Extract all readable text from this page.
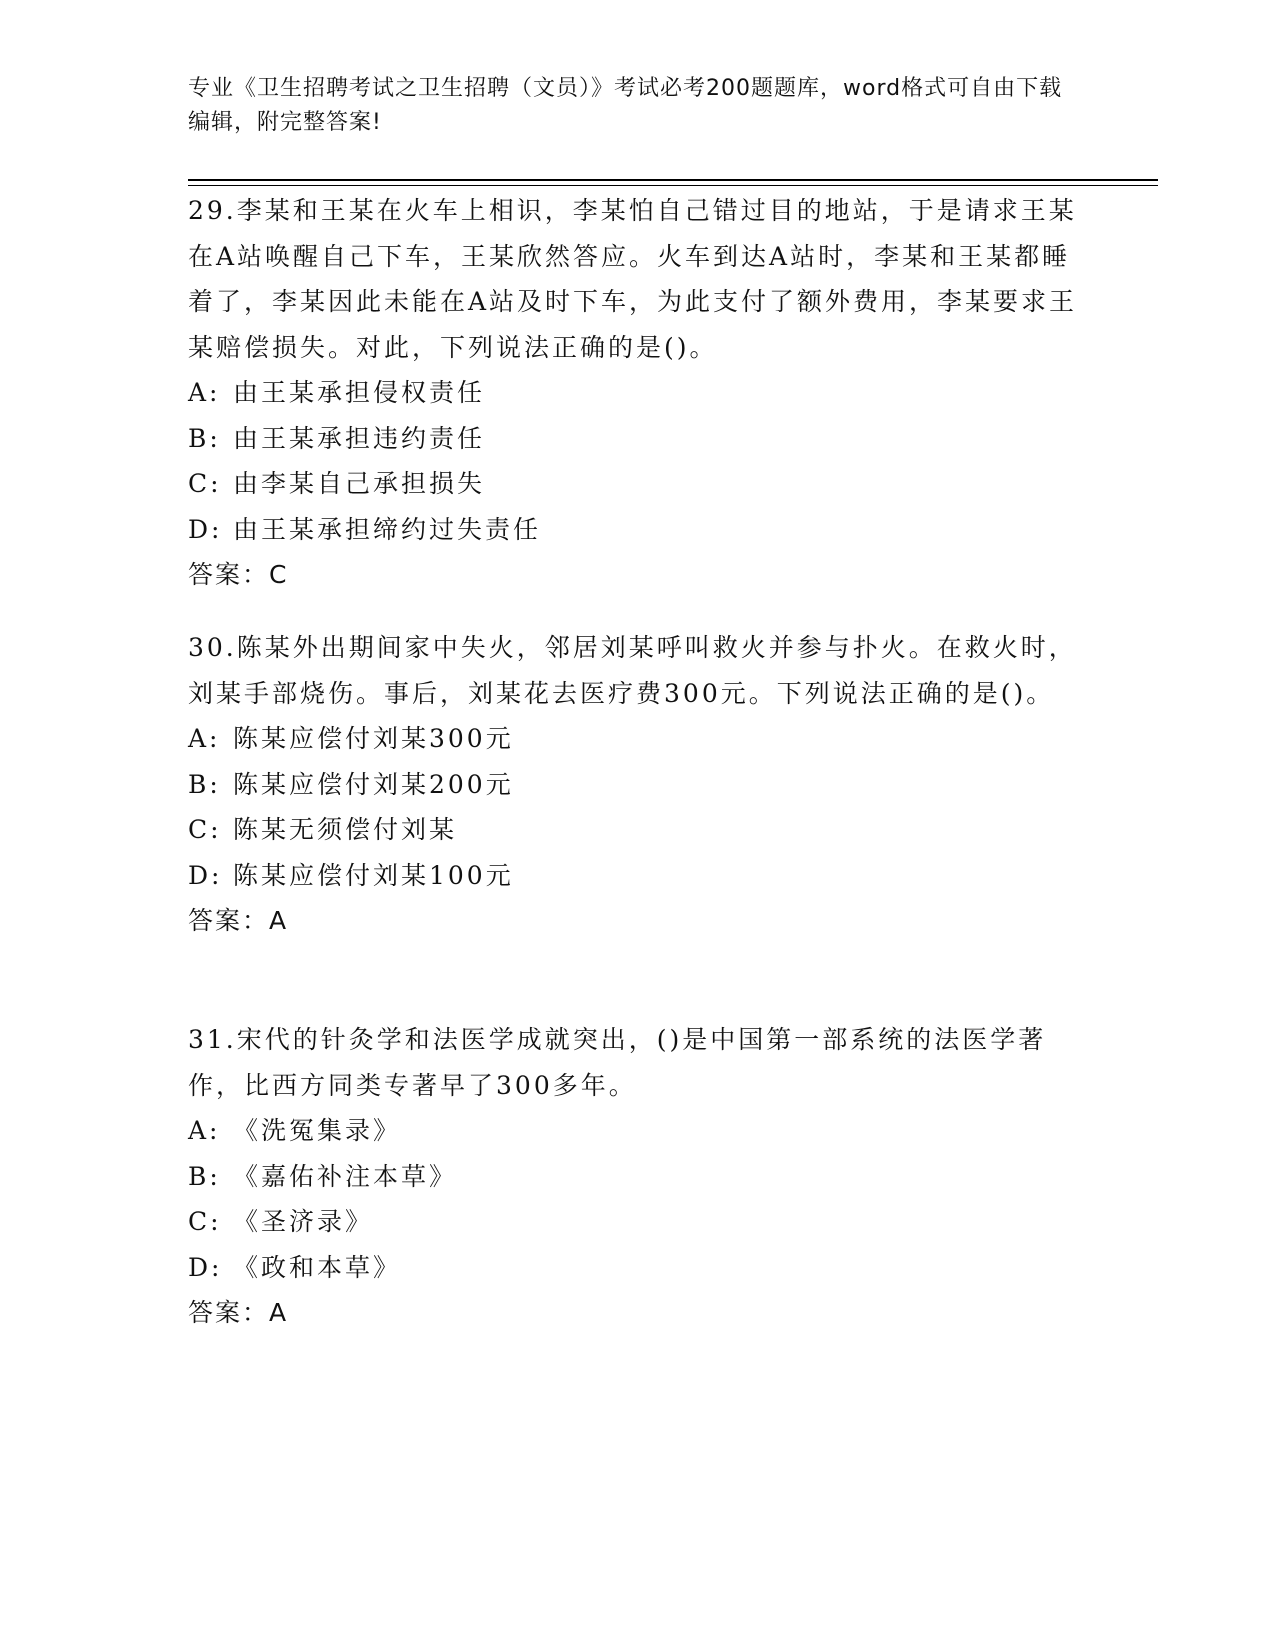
专业《卫生招聘考试之卫生招聘（文员）》考试必考200题题库，word格式可自由下载编辑，附完整答案!

29.李某和王某在火车上相识，李某怕自己错过目的地站，于是请求王某在A站唤醒自己下车，王某欣然答应。火车到达A站时，李某和王某都睡着了，李某因此未能在A站及时下车，为此支付了额外费用，李某要求王某赔偿损失。对此，下列说法正确的是()。

A: 由王某承担侵权责任
B: 由王某承担违约责任
C: 由李某自己承担损失
D: 由王某承担缔约过失责任

答案：C

30.陈某外出期间家中失火，邻居刘某呼叫救火并参与扑火。在救火时，刘某手部烧伤。事后，刘某花去医疗费300元。下列说法正确的是()。

A: 陈某应偿付刘某300元
B: 陈某应偿付刘某200元
C: 陈某无须偿付刘某
D: 陈某应偿付刘某100元

答案：A

31.宋代的针灸学和法医学成就突出，()是中国第一部系统的法医学著作，比西方同类专著早了300多年。

A: 《洗冤集录》
B: 《嘉佑补注本草》
C: 《圣济录》
D: 《政和本草》

答案：A
